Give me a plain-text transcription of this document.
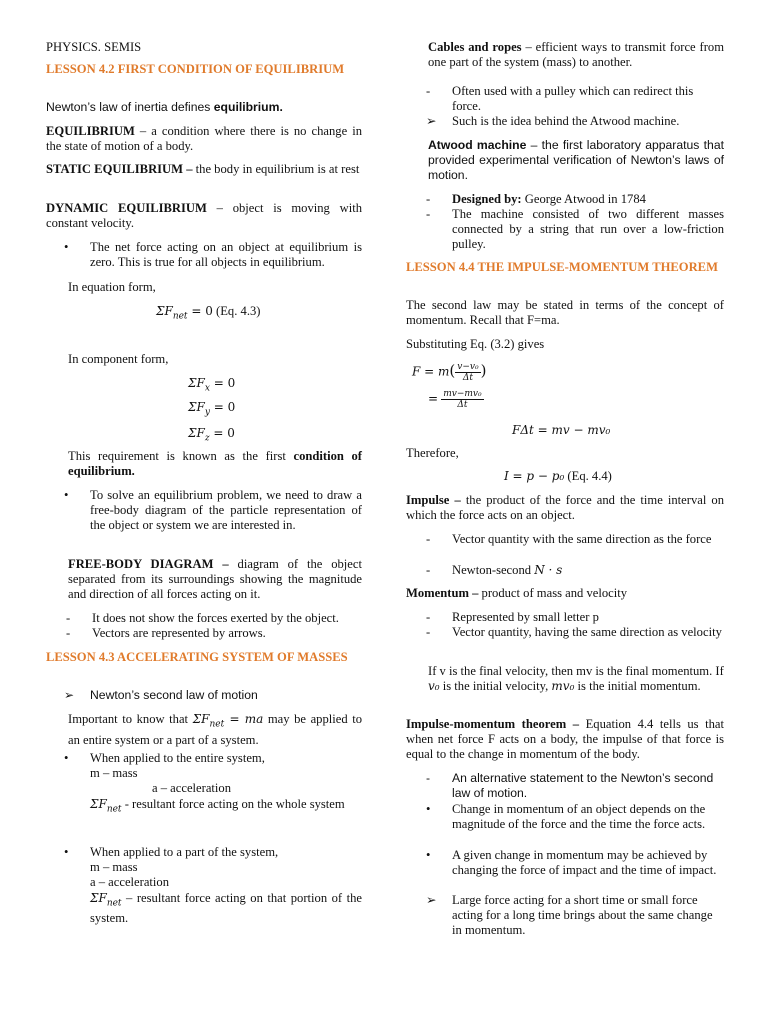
PHYSICS. SEMIS

LESSON 4.2 FIRST CONDITION OF EQUILIBRIUM

Newton’s law of inertia defines equilibrium.

EQUILIBRIUM – a condition where there is no change in the state of motion of a body.

STATIC EQUILIBRIUM – the body in equilibrium is at rest

DYNAMIC EQUILIBRIUM – object is moving with constant velocity.

• The net force acting on an object at equilibrium is zero. This is true for all objects in equilibrium.

In equation form,

$\Sigma F_{net} = 0$ (Eq. 4.3)

In component form,

$\Sigma F_x = 0$

$\Sigma F_y = 0$

$\Sigma F_z = 0$

This requirement is known as the first condition of equilibrium.

• To solve an equilibrium problem, we need to draw a free-body diagram of the particle representation of the object or system we are interested in.

FREE-BODY DIAGRAM – diagram of the object separated from its surroundings showing the magnitude and direction of all forces acting on it.

- It does not show the forces exerted by the object.
- Vectors are represented by arrows.

LESSON 4.3 ACCELERATING SYSTEM OF MASSES

➢ Newton’s second law of motion

Important to know that $\Sigma F_{net}$ = ma may be applied to an entire system or a part of a system.

• When applied to the entire system,
m – mass
a – acceleration
$\Sigma F_{net}$ - resultant force acting on the whole system
• When applied to a part of the system,
m – mass
a – acceleration
$\Sigma F_{net}$ – resultant force acting on that portion of the system.

Cables and ropes – efficient ways to transmit force from one part of the system (mass) to another.

- Often used with a pulley which can redirect this force.
➢ Such is the idea behind the Atwood machine.

Atwood machine – the first laboratory apparatus that provided experimental verification of Newton’s laws of motion.

- Designed by: George Atwood in 1784
- The machine consisted of two different masses connected by a string that run over a low-friction pulley.

LESSON 4.4 THE IMPULSE-MOMENTUM THEOREM

The second law may be stated in terms of the concept of momentum. Recall that F=ma.

Substituting Eq. (3.2) gives

$F = m( \frac{\text{v−v₀}}{\Delta t}$ )

= $\frac{\text{mv−mv₀}}{\Delta t}$

FΔt = mv − mv₀

Therefore,

I = p − p₀ (Eq. 4.4)

Impulse – the product of the force and the time interval on which the force acts on an object.

- Vector quantity with the same direction as the force
- Newton-second N · s

Momentum – product of mass and velocity

- Represented by small letter p
- Vector quantity, having the same direction as velocity

If v is the final velocity, then mv is the final momentum. If v₀ is the initial velocity, mv₀ is the initial momentum.

Impulse-momentum theorem – Equation 4.4 tells us that when net force F acts on a body, the impulse of that force is equal to the change in momentum of the body.

- An alternative statement to the Newton’s second law of motion.
• Change in momentum of an object depends on the magnitude of the force and the time the force acts.
• A given change in momentum may be achieved by changing the force of impact and the time of impact.
➢ Large force acting for a short time or small force acting for a long time brings about the same change in momentum.
